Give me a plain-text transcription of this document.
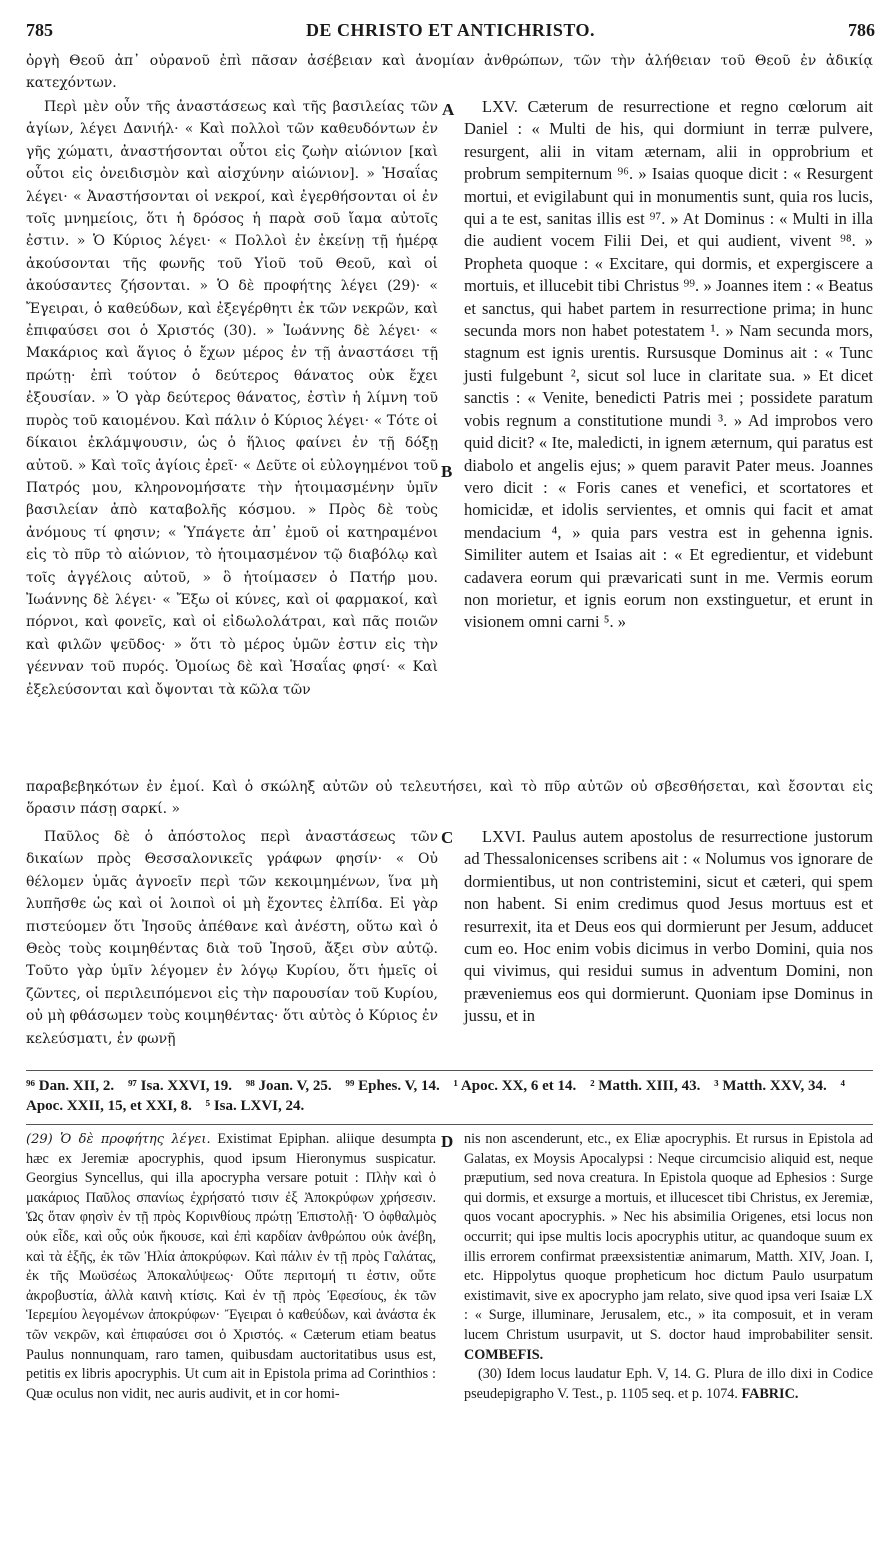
785	DE CHRISTO ET ANTICHRISTO.	786
ὀργὴ Θεοῦ ἀπ᾽ οὐρανοῦ ἐπὶ πᾶσαν ἀσέβειαν καὶ ἀνομίαν ἀνθρώπων, τῶν τὴν ἀλήθειαν τοῦ Θεοῦ ἐν ἀδικίᾳ κατεχόντων.

Περὶ μὲν οὖν τῆς ἀναστάσεως καὶ τῆς βασιλείας τῶν ἁγίων, λέγει Δανιήλ· « Καὶ πολλοὶ τῶν καθευδόντων ἐν γῆς χώματι, ἀναστήσονται οὗτοι εἰς ζωὴν αἰώνιον [καὶ οὗτοι εἰς ὀνειδισμὸν καὶ αἰσχύνην αἰώνιον]. » Ἡσαΐας λέγει· « Ἀναστήσονται οἱ νεκροί, καὶ ἐγερθήσονται οἱ ἐν τοῖς μνημείοις, ὅτι ἡ δρόσος ἡ παρὰ σοῦ ἴαμα αὐτοῖς ἐστιν. » Ὁ Κύριος λέγει· « Πολλοὶ ἐν ἐκείνῃ τῇ ἡμέρᾳ ἀκούσονται τῆς φωνῆς τοῦ Υἱοῦ τοῦ Θεοῦ, καὶ οἱ ἀκούσαντες ζήσονται. » Ὁ δὲ προφήτης λέγει (29)· « Ἔγειραι, ὁ καθεύδων, καὶ ἐξεγέρθητι ἐκ τῶν νεκρῶν, καὶ ἐπιφαύσει σοι ὁ Χριστός (30). » Ἰωάννης δὲ λέγει· « Μακάριος καὶ ἅγιος ὁ ἔχων μέρος ἐν τῇ ἀναστάσει τῇ πρώτῃ· ἐπὶ τούτον ὁ δεύτερος θάνατος οὐκ ἔχει ἐξουσίαν. » Ὁ γὰρ δεύτερος θάνατος, ἐστὶν ἡ λίμνη τοῦ πυρὸς τοῦ καιομένου. Καὶ πάλιν ὁ Κύριος λέγει· « Τότε οἱ δίκαιοι ἐκλάμψουσιν, ὡς ὁ ἥλιος φαίνει ἐν τῇ δόξῃ αὐτοῦ. » Καὶ τοῖς ἁγίοις ἐρεῖ· « Δεῦτε οἱ εὐλογημένοι τοῦ Πατρός μου, κληρονομήσατε τὴν ἡτοιμασμένην ὑμῖν βασιλείαν ἀπὸ καταβολῆς κόσμου. » Πρὸς δὲ τοὺς ἀνόμους τί φησιν; « Ὑπάγετε ἀπ᾽ ἐμοῦ οἱ κατηραμένοι εἰς τὸ πῦρ τὸ αἰώνιον, τὸ ἡτοιμασμένον τῷ διαβόλῳ καὶ τοῖς ἀγγέλοις αὐτοῦ, » ὃ ἡτοίμασεν ὁ Πατήρ μου. Ἰωάννης δὲ λέγει· « Ἔξω οἱ κύνες, καὶ οἱ φαρμακοί, καὶ πόρνοι, καὶ φονεῖς, καὶ οἱ εἰδωλολάτραι, καὶ πᾶς ποιῶν καὶ φιλῶν ψεῦδος· » ὅτι τὸ μέρος ὑμῶν ἐστιν εἰς τὴν γέενναν τοῦ πυρός. Ὁμοίως δὲ καὶ Ἡσαΐας φησί· « Καὶ ἐξελεύσονται καὶ ὄψονται τὰ κῶλα τῶν

A
B

LXV. Cæterum de resurrectione et regno cœlorum ait Daniel : « Multi de his, qui dormiunt in terræ pulvere, resurgent, alii in vitam æternam, alii in opprobrium et probrum sempiternum ⁹⁶. » Isaias quoque dicit : « Resurgent mortui, et evigilabunt qui in monumentis sunt, quia ros lucis, qui a te est, sanitas illis est ⁹⁷. » At Dominus : « Multi in illa die audient vocem Filii Dei, et qui audient, vivent ⁹⁸. » Propheta quoque : « Excitare, qui dormis, et expergiscere a mortuis, et illucebit tibi Christus ⁹⁹. » Joannes item : « Beatus et sanctus, qui habet partem in resurrectione prima; in hunc secunda mors non habet potestatem ¹. » Nam secunda mors, stagnum est ignis urentis. Rursusque Dominus ait : « Tunc justi fulgebunt ², sicut sol luce in claritate sua. » Et dicet sanctis : « Venite, benedicti Patris mei ; possidete paratum vobis regnum a constitutione mundi ³. » Ad improbos vero quid dicit? « Ite, maledicti, in ignem æternum, qui paratus est diabolo et angelis ejus; » quem paravit Pater meus. Joannes vero dicit : « Foris canes et venefici, et scortatores et homicidæ, et idolis servientes, et omnis qui facit et amat mendacium ⁴, » quia pars vestra est in gehenna ignis. Similiter autem et Isaias ait : « Et egredientur, et videbunt cadavera eorum qui prævaricati sunt in me. Vermis eorum non morietur, et ignis eorum non exstinguetur, et erunt in visionem omni carni ⁵. »

παραβεβηκότων ἐν ἐμοί. Καὶ ὁ σκώληξ αὐτῶν οὐ τελευτήσει, καὶ τὸ πῦρ αὐτῶν οὐ σβεσθήσεται, καὶ ἔσονται εἰς ὅρασιν πάσῃ σαρκί. »

Παῦλος δὲ ὁ ἀπόστολος περὶ ἀναστάσεως τῶν δικαίων πρὸς Θεσσαλονικεῖς γράφων φησίν· « Οὐ θέλομεν ὑμᾶς ἀγνοεῖν περὶ τῶν κεκοιμημένων, ἵνα μὴ λυπῆσθε ὡς καὶ οἱ λοιποὶ οἱ μὴ ἔχοντες ἐλπίδα. Εἰ γὰρ πιστεύομεν ὅτι Ἰησοῦς ἀπέθανε καὶ ἀνέστη, οὕτω καὶ ὁ Θεὸς τοὺς κοιμηθέντας διὰ τοῦ Ἰησοῦ, ἄξει σὺν αὐτῷ. Τοῦτο γὰρ ὑμῖν λέγομεν ἐν λόγῳ Κυρίου, ὅτι ἡμεῖς οἱ ζῶντες, οἱ περιλειπόμενοι εἰς τὴν παρουσίαν τοῦ Κυρίου, οὐ μὴ φθάσωμεν τοὺς κοιμηθέντας· ὅτι αὐτὸς ὁ Κύριος ἐν κελεύσματι, ἐν φωνῇ

C	LXVI. Paulus autem apostolus de resurrectione justorum ad Thessalonicenses scribens ait : « Nolumus vos ignorare de dormientibus, ut non contristemini, sicut et cæteri, qui spem non habent. Si enim credimus quod Jesus mortuus est et resurrexit, ita et Deus eos qui dormierunt per Jesum, adducet cum eo. Hoc enim vobis dicimus in verbo Domini, quia nos qui vivimus, qui residui sumus in adventum Domini, non præveniemus eos qui dormierunt. Quoniam ipse Dominus in jussu, et in

⁹⁶ Dan. XII, 2. ⁹⁷ Isa. XXVI, 19. ⁹⁸ Joan. V, 25. ⁹⁹ Ephes. V, 14. ¹ Apoc. XX, 6 et 14. ² Matth. XIII, 43. ³ Matth. XXV, 34. ⁴ Apoc. XXII, 15, et XXI, 8. ⁵ Isa. LXVI, 24.

(29) Ὁ δὲ προφήτης λέγει. Existimat Epiphan. aliique desumpta hæc ex Jeremiæ apocryphis, quod ipsum Hieronymus suspicatur. Georgius Syncellus, qui illa apocrypha versare potuit : Πλὴν καὶ ὁ μακάριος Παῦλος σπανίως ἐχρήσατό τισιν ἐξ Ἀποκρύφων χρήσεσιν. Ὡς ὅταν φησὶν ἐν τῇ πρὸς Κορινθίους πρώτῃ Ἐπιστολῇ· Ὁ ὀφθαλμὸς οὐκ εἶδε, καὶ οὖς οὐκ ἤκουσε, καὶ ἐπὶ καρδίαν ἀνθρώπου οὐκ ἀνέβη, καὶ τὰ ἑξῆς, ἐκ τῶν Ἠλία ἀποκρύφων. Καὶ πάλιν ἐν τῇ πρὸς Γαλάτας, ἐκ τῆς Μωϋσέως Ἀποκαλύψεως· Οὔτε περιτομή τι ἐστιν, οὔτε ἀκροβυστία, ἀλλὰ καινὴ κτίσις. Καὶ ἐν τῇ πρὸς Ἐφεσίους, ἐκ τῶν Ἱερεμίου λεγομένων ἀποκρύφων· Ἔγειραι ὁ καθεύδων, καὶ ἀνάστα ἐκ τῶν νεκρῶν, καὶ ἐπιφαύσει σοι ὁ Χριστός. « Cæterum etiam beatus Paulus nonnunquam, raro tamen, quibusdam auctoritatibus usus est, petitis ex libris apocryphis. Ut cum ait in Epistola prima ad Corinthios : Quæ oculus non vidit, nec auris audivit, et in cor homi-

D nis non ascenderunt, etc., ex Eliæ apocryphis. Et rursus in Epistola ad Galatas, ex Moysis Apocalypsi : Neque circumcisio aliquid est, neque præputium, sed nova creatura. In Epistola quoque ad Ephesios : Surge qui dormis, et exsurge a mortuis, et illucescet tibi Christus, ex Jeremiæ, quos vocant apocryphis. » Nec his absimilia Origenes, etsi locus non occurrit; qui ipse multis locis apocryphis utitur, ac quandoque suum ex illis errorem confirmat præexsistentiæ animarum, Matth. XIV, Joan. I, etc. Hippolytus quoque propheticum hoc dictum Paulo usurpatum existimavit, sive ex apocrypho jam relato, sive quod ipsa veri Isaiæ LX : « Surge, illuminare, Jerusalem, etc., » ita composuit, et in veram lucem Christum usurpavit, ut S. doctor haud improbabiliter sensit. COMBEFIS.

(30) Idem locus laudatur Eph. V, 14. G. Plura de illo dixi in Codice pseudepigrapho V. Test., p. 1105 seq. et p. 1074. FABRIC.
